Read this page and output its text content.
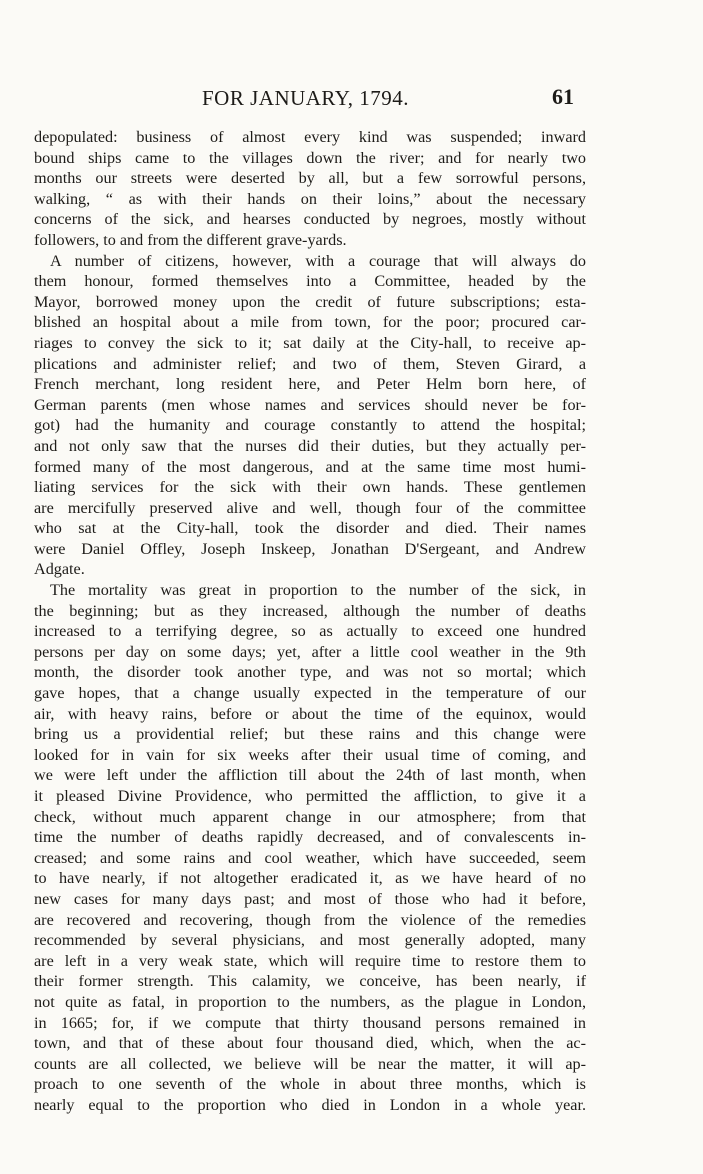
FOR JANUARY, 1794.	61
depopulated: business of almost every kind was suspended; inward
bound ships came to the villages down the river; and for nearly two
months our streets were deserted by all, but a few sorrowful persons,
walking, “ as with their hands on their loins,” about the necessary
concerns of the sick, and hearses conducted by negroes, mostly without
followers, to and from the different grave-yards.
A number of citizens, however, with a courage that will always do
them honour, formed themselves into a Committee, headed by the
Mayor, borrowed money upon the credit of future subscriptions; esta-
blished an hospital about a mile from town, for the poor; procured car-
riages to convey the sick to it; sat daily at the City-hall, to receive ap-
plications and administer relief; and two of them, Steven Girard, a
French merchant, long resident here, and Peter Helm born here, of
German parents (men whose names and services should never be for-
got) had the humanity and courage constantly to attend the hospital;
and not only saw that the nurses did their duties, but they actually per-
formed many of the most dangerous, and at the same time most humi-
liating services for the sick with their own hands. These gentlemen
are mercifully preserved alive and well, though four of the committee
who sat at the City-hall, took the disorder and died. Their names
were Daniel Offley, Joseph Inskeep, Jonathan D'Sergeant, and Andrew
Adgate.
The mortality was great in proportion to the number of the sick, in
the beginning; but as they increased, although the number of deaths
increased to a terrifying degree, so as actually to exceed one hundred
persons per day on some days; yet, after a little cool weather in the 9th
month, the disorder took another type, and was not so mortal; which
gave hopes, that a change usually expected in the temperature of our
air, with heavy rains, before or about the time of the equinox, would
bring us a providential relief; but these rains and this change were
looked for in vain for six weeks after their usual time of coming, and
we were left under the affliction till about the 24th of last month, when
it pleased Divine Providence, who permitted the affliction, to give it a
check, without much apparent change in our atmosphere; from that
time the number of deaths rapidly decreased, and of convalescents in-
creased; and some rains and cool weather, which have succeeded, seem
to have nearly, if not altogether eradicated it, as we have heard of no
new cases for many days past; and most of those who had it before,
are recovered and recovering, though from the violence of the remedies
recommended by several physicians, and most generally adopted, many
are left in a very weak state, which will require time to restore them to
their former strength. This calamity, we conceive, has been nearly, if
not quite as fatal, in proportion to the numbers, as the plague in London,
in 1665; for, if we compute that thirty thousand persons remained in
town, and that of these about four thousand died, which, when the ac-
counts are all collected, we believe will be near the matter, it will ap-
proach to one seventh of the whole in about three months, which is
nearly equal to the proportion who died in London in a whole year.
